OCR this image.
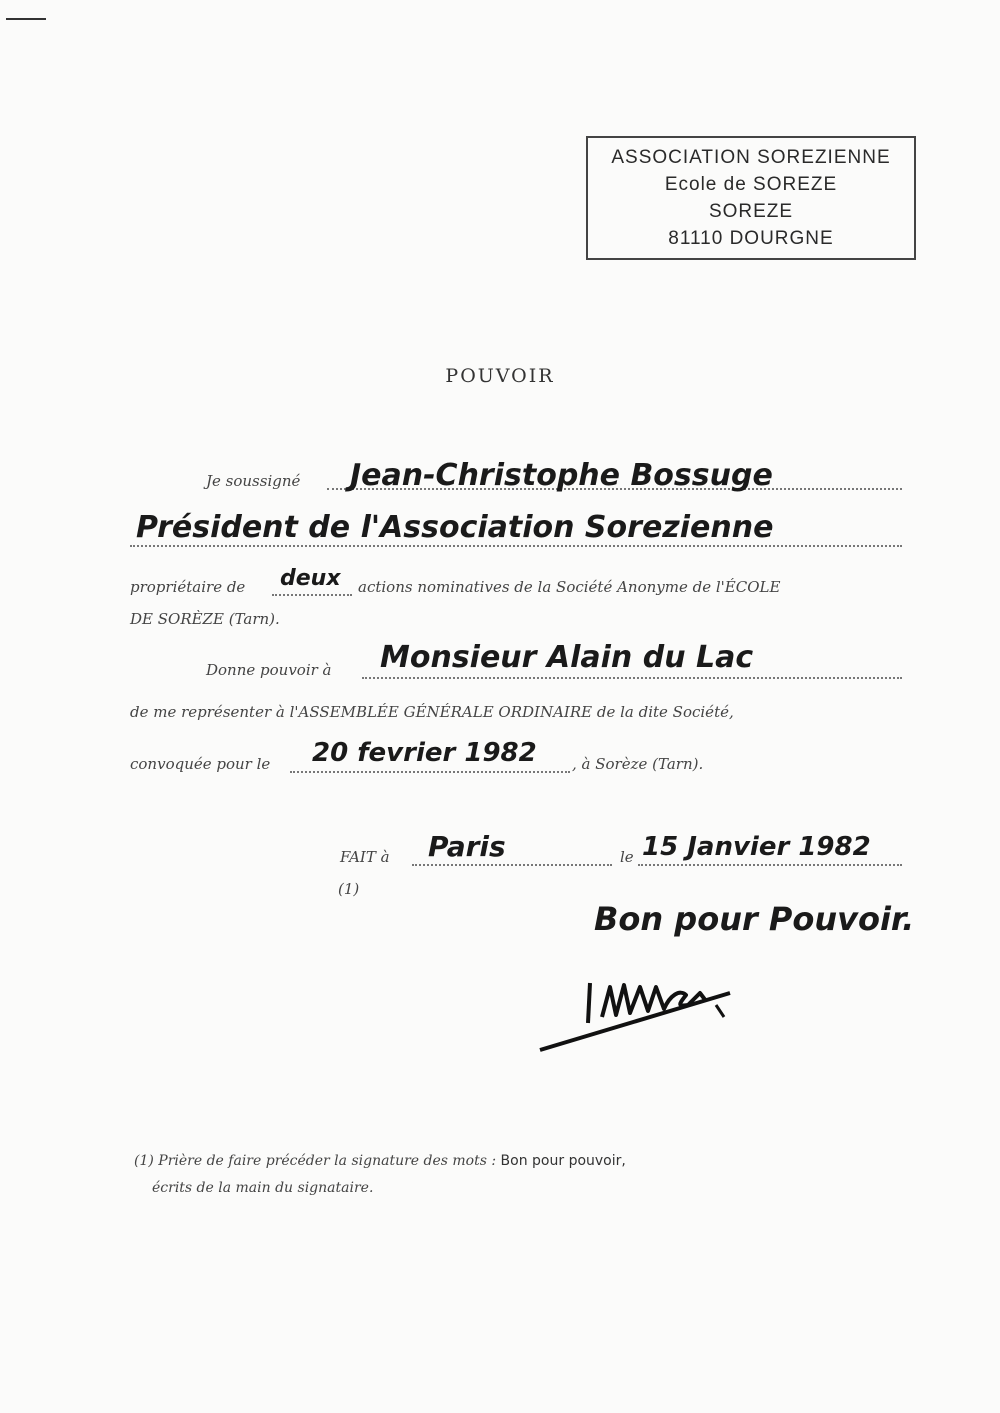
ASSOCIATION SOREZIENNE
Ecole de SOREZE
SOREZE
81110 DOURGNE
POUVOIR
Je soussigné Jean-Christophe Bossuge
Président de l'Association Sorezienne
propriétaire de deux actions nominatives de la Société Anonyme de l'ÉCOLE
DE SORÈZE (Tarn).
Donne pouvoir à Monsieur Alain du Lac
de me représenter à l'ASSEMBLÉE GÉNÉRALE ORDINAIRE de la dite Société,
convoquée pour le 20 fevrier 1982 , à Sorèze (Tarn).
FAIT à Paris	le 15 Janvier 1982
(1)
Bon pour Pouvoir.
(1) Prière de faire précéder la signature des mots : Bon pour pouvoir,
écrits de la main du signataire.
